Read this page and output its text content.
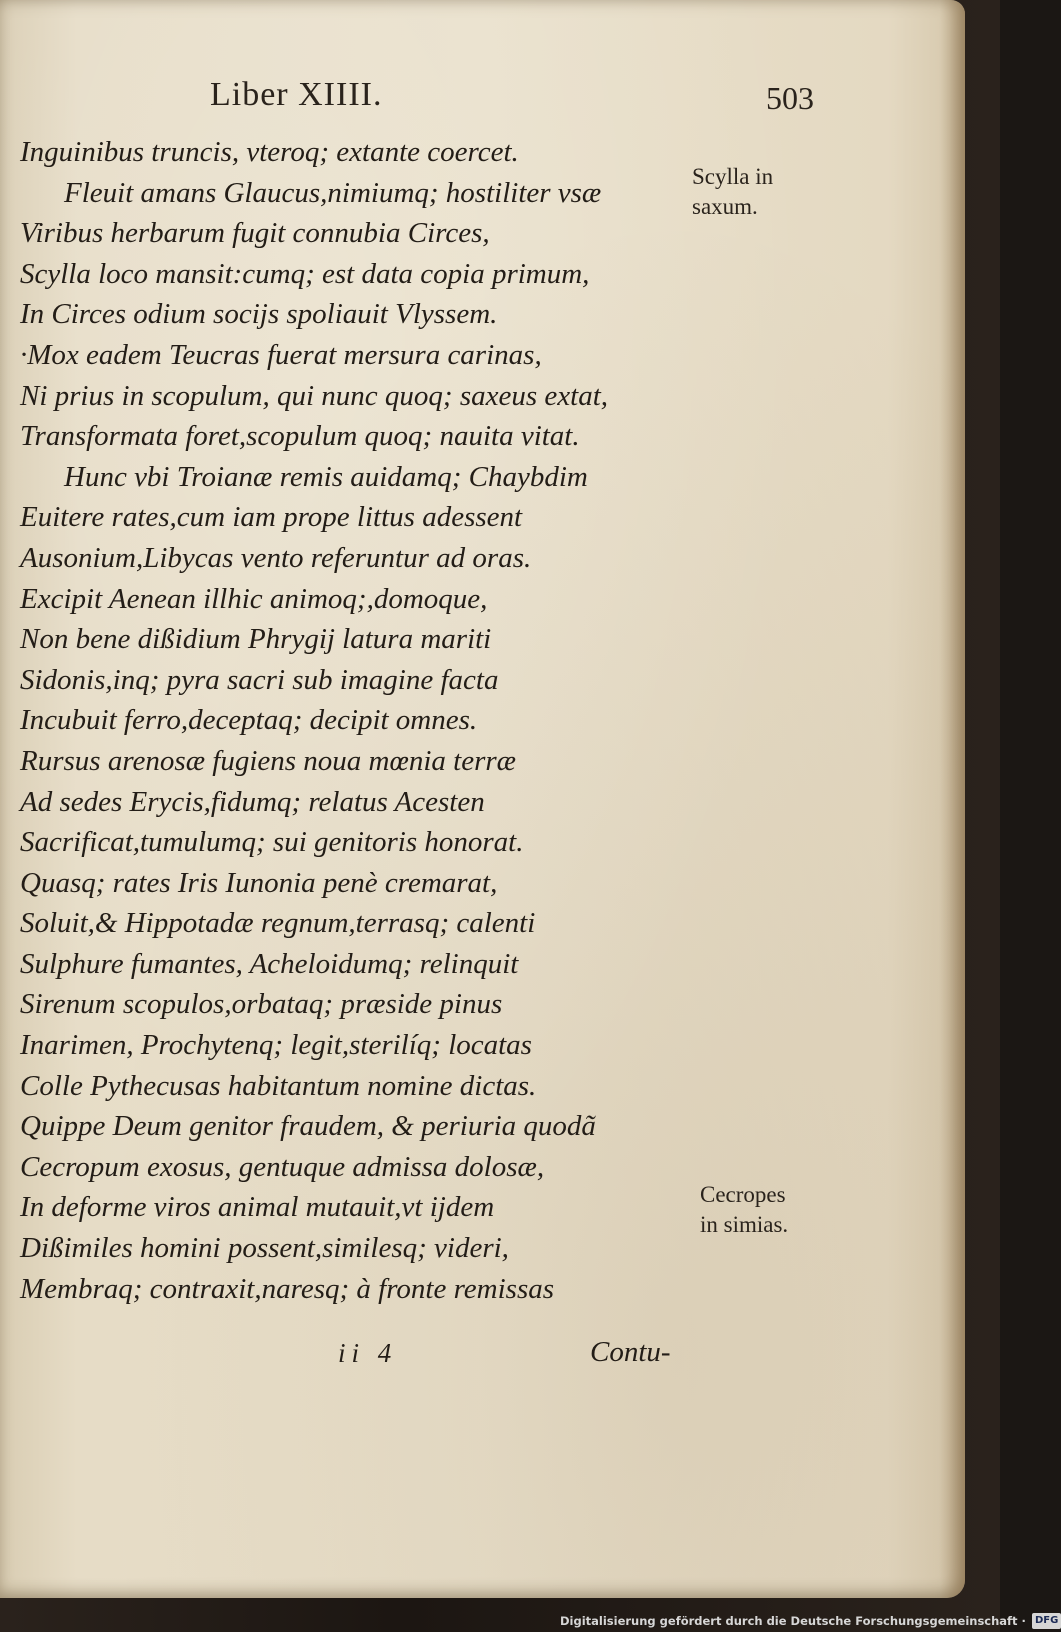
Liber XIIII.	503
Inguinibus truncis, vteroq; extante coercet.
Fleuit amans Glaucus,nimiumq; hostiliter vsæ
Viribus herbarum fugit connubia Circes,
Scylla loco mansit:cumq; est data copia primum,
In Circes odium socijs spoliauit Vlyssem.
·Mox eadem Teucras fuerat mersura carinas,
Ni prius in scopulum, qui nunc quoq; saxeus extat,
Transformata foret,scopulum quoq; nauita vitat.
Hunc vbi Troianæ remis auidamq; Chaybdim
Euitere rates,cum iam prope littus adessent
Ausonium,Libycas vento referuntur ad oras.
Excipit Aenean illhic animoq;,domoque,
Non bene dißidium Phrygij latura mariti
Sidonis,inq; pyra sacri sub imagine facta
Incubuit ferro,deceptaq; decipit omnes.
Rursus arenosæ fugiens noua mœnia terræ
Ad sedes Erycis,fidumq; relatus Acesten
Sacrificat,tumulumq; sui genitoris honorat.
Quasq; rates Iris Iunonia penè cremarat,
Soluit,& Hippotadæ regnum,terrasq; calenti
Sulphure fumantes, Acheloidumq; relinquit
Sirenum scopulos,orbataq; præside pinus
Inarimen, Prochytenq; legit,sterilíq; locatas
Colle Pythecusas habitantum nomine dictas.
Quippe Deum genitor fraudem, & periuria quodã
Cecropum exosus, gentuque admissa dolosæ,
In deforme viros animal mutauit,vt ijdem
Dißimiles homini possent,similesq; videri,
Membraq; contraxit,naresq; à fronte remissas
Scylla in
saxum.
Cecropes
in simias.
ii 4	Contu-
Digitalisierung gefördert durch die Deutsche Forschungsgemeinschaft · DFG
